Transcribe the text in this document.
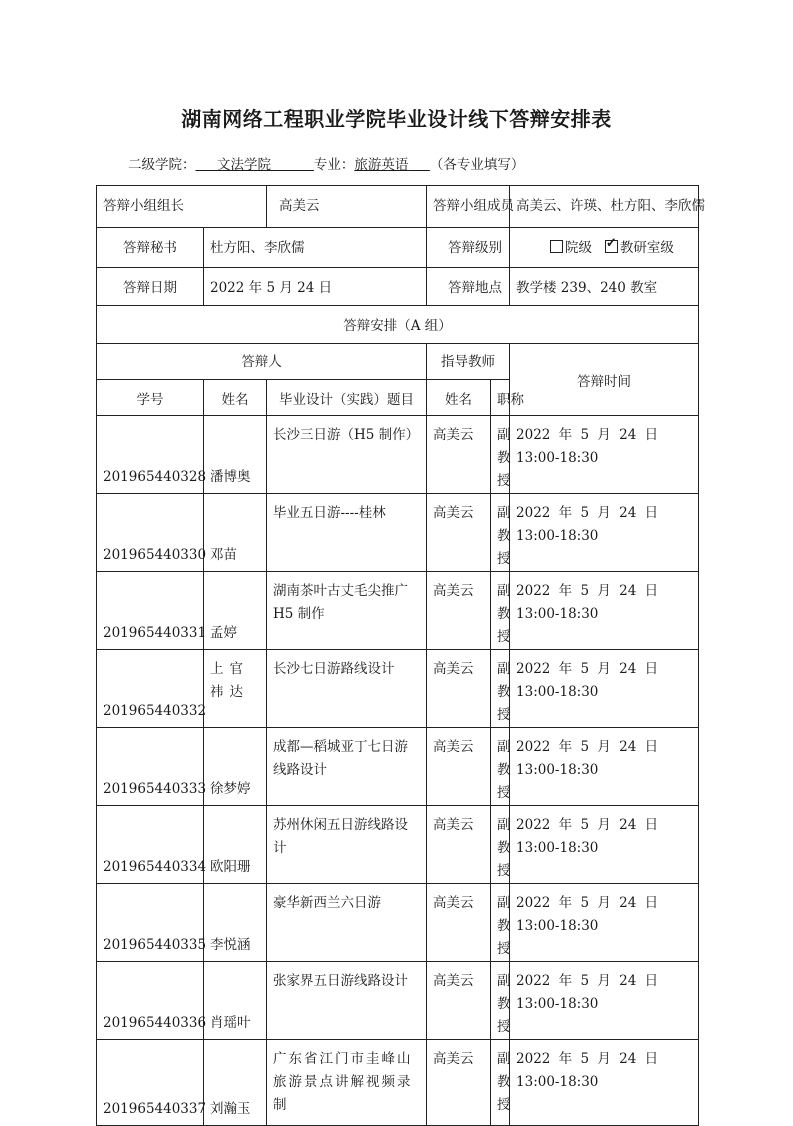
湖南网络工程职业学院毕业设计线下答辩安排表
二级学院： 文法学院	专业：旅游英语 （各专业填写）
答辩小组组长		高美云	答辩小组成员		高美云、许瑛、杜方阳、李欣儒
答辩秘书	杜方阳、李欣儒		答辩级别		院级 ✓ 教研室级
答辩日期	2022 年 5 月 24 日		答辩地点		教学楼 239、240 教室
答辩安排（A 组）					
答辩人			指导教师		答辩时间
学号	姓名	毕业设计（实践）题目	姓名	职称	
201965440328	潘博奥	长沙三日游（H5 制作）	高美云	副教授	2022 年 5 月 24 日
13:00-18:30
201965440330	邓苗	毕业五日游----桂林	高美云	副教授	2022 年 5 月 24 日
13:00-18:30
201965440331	孟婷	湖南茶叶古丈毛尖推广 H5 制作	高美云	副教授	2022 年 5 月 24 日
13:00-18:30
201965440332	上官祎达	长沙七日游路线设计	高美云	副教授	2022 年 5 月 24 日
13:00-18:30
201965440333	徐梦婷	成都—稻城亚丁七日游线路设计	高美云	副教授	2022 年 5 月 24 日
13:00-18:30
201965440334	欧阳珊	苏州休闲五日游线路设计	高美云	副教授	2022 年 5 月 24 日
13:00-18:30
201965440335	李悦涵	豪华新西兰六日游	高美云	副教授	2022 年 5 月 24 日
13:00-18:30
201965440336	肖瑶叶	张家界五日游线路设计	高美云	副教授	2022 年 5 月 24 日
13:00-18:30
201965440337	刘瀚玉	广东省江门市圭峰山旅游景点讲解视频录制	高美云	副教授	2022 年 5 月 24 日
13:00-18:30
